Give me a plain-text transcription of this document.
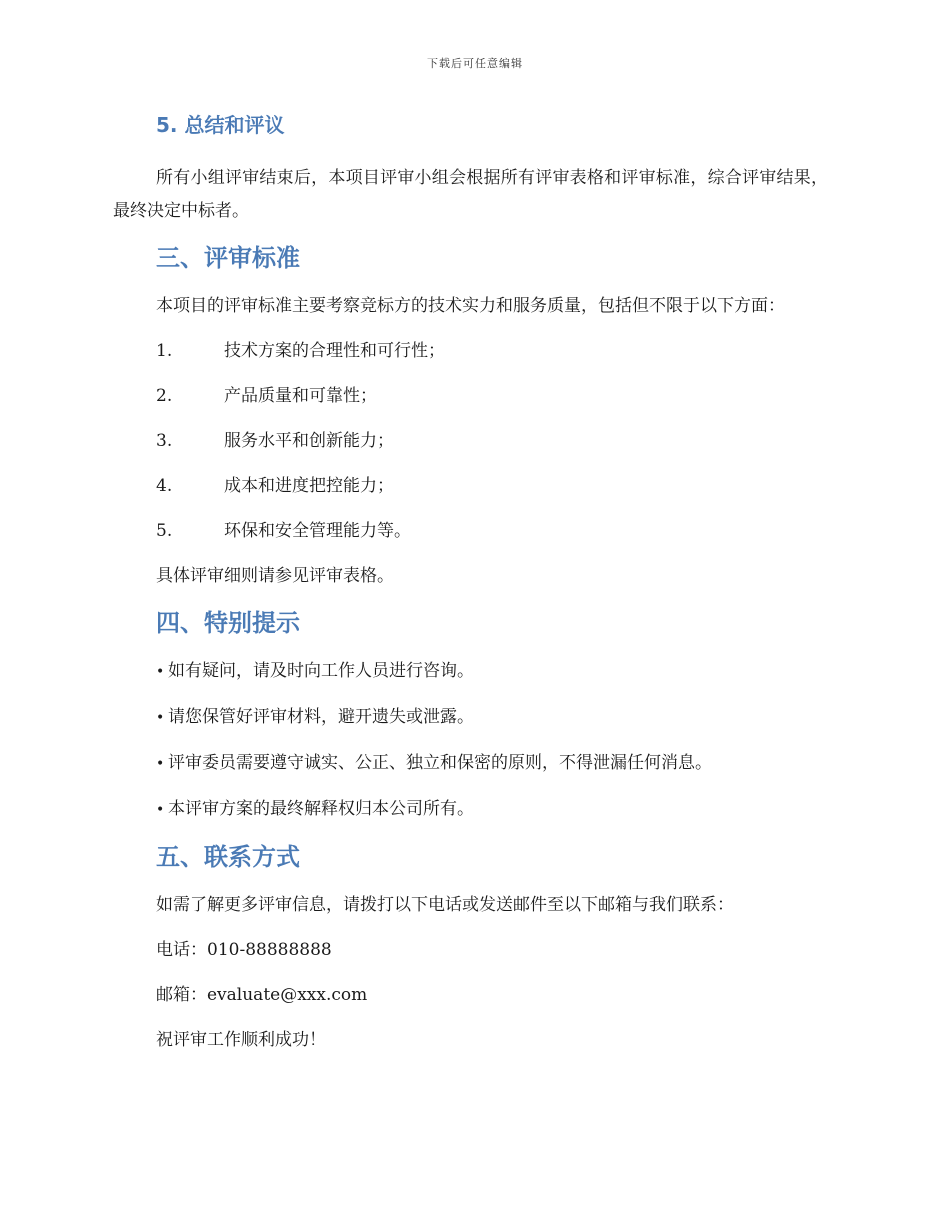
下载后可任意编辑
5. 总结和评议

所有小组评审结束后，本项目评审小组会根据所有评审表格和评审标准，综合评审结果，最终决定中标者。

三、评审标准

本项目的评审标准主要考察竞标方的技术实力和服务质量，包括但不限于以下方面：

1.	技术方案的合理性和可行性；
2.	产品质量和可靠性；
3.	服务水平和创新能力；
4.	成本和进度把控能力；
5.	环保和安全管理能力等。
具体评审细则请参见评审表格。
四、特别提示
• 如有疑问，请及时向工作人员进行咨询。
• 请您保管好评审材料，避开遗失或泄露。
• 评审委员需要遵守诚实、公正、独立和保密的原则，不得泄漏任何消息。
• 本评审方案的最终解释权归本公司所有。
五、联系方式
如需了解更多评审信息，请拨打以下电话或发送邮件至以下邮箱与我们联系：
电话：010-88888888
邮箱：evaluate@xxx.com
祝评审工作顺利成功！
